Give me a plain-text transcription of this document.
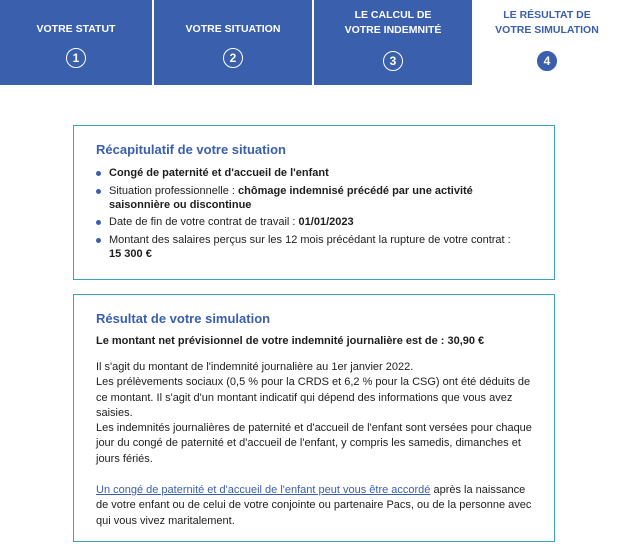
VOTRE STATUT
1
VOTRE SITUATION
2
LE CALCUL DE
VOTRE INDEMNITÉ
3
LE RÉSULTAT DE
VOTRE SIMULATION
4
Récapitulatif de votre situation
Congé de paternité et d'accueil de l'enfant
Situation professionnelle : chômage indemnisé précédé par une activité saisonnière ou discontinue
Date de fin de votre contrat de travail : 01/01/2023
Montant des salaires perçus sur les 12 mois précédant la rupture de votre contrat :
15 300 €
Résultat de votre simulation

Le montant net prévisionnel de votre indemnité journalière est de : 30,90 €

Il s'agit du montant de l'indemnité journalière au 1er janvier 2022.

Les prélèvements sociaux (0,5 % pour la CRDS et 6,2 % pour la CSG) ont été déduits de ce montant. Il s'agit d'un montant indicatif qui dépend des informations que vous avez saisies.

Les indemnités journalières de paternité et d'accueil de l'enfant sont versées pour chaque jour du congé de paternité et d'accueil de l'enfant, y compris les samedis, dimanches et jours fériés.

Un congé de paternité et d'accueil de l'enfant peut vous être accordé après la naissance de votre enfant ou de celui de votre conjointe ou partenaire Pacs, ou de la personne avec qui vous vivez maritalement.
